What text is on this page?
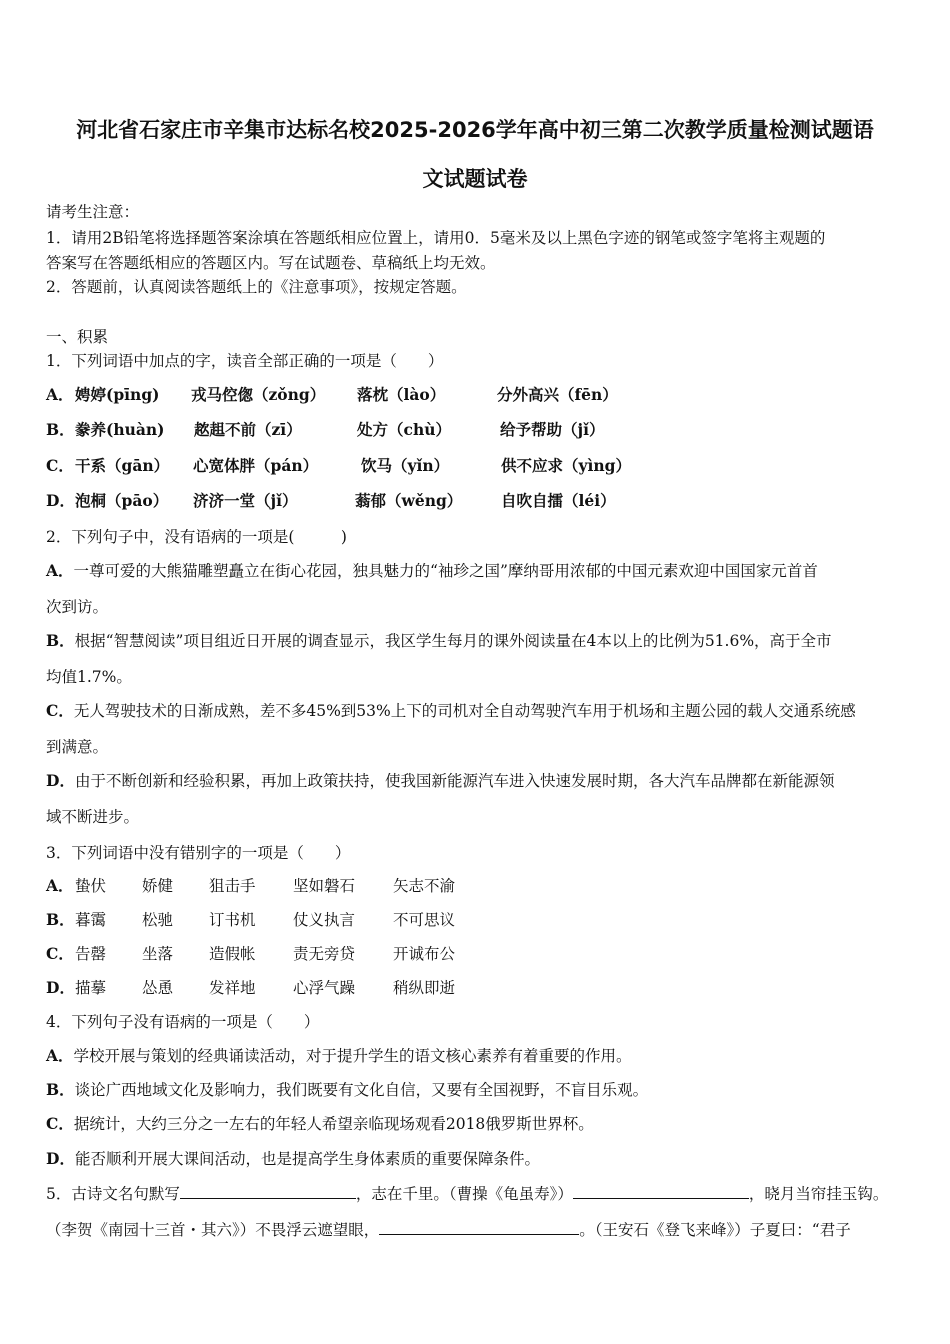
河北省石家庄市辛集市达标名校2025-2026学年高中初三第二次教学质量检测试题语
文试题试卷
请考生注意：
1．请用2B铅笔将选择题答案涂填在答题纸相应位置上，请用0．5毫米及以上黑色字迹的钢笔或签字笔将主观题的
答案写在答题纸相应的答题区内。写在试题卷、草稿纸上均无效。
2．答题前，认真阅读答题纸上的《注意事项》，按规定答题。
一、积累
1．下列词语中加点的字，读音全部正确的一项是（　　）
A． 娉婷(pīng) 戎马倥偬（zǒng） 落枕（lào）	分外高兴（fēn）
B． 豢养(huàn) 趑趄不前（zī）	处方（chù）	给予帮助（jǐ）
C． 干系（gān） 心宽体胖（pán）	饮马（yǐn）	供不应求（yìng）
D． 泡桐（pāo） 济济一堂（jǐ）	蓊郁（wěng） 自吹自擂（léi）
2．下列句子中，没有语病的一项是(　　　)
A．一尊可爱的大熊猫雕塑矗立在街心花园，独具魅力的“袖珍之国”摩纳哥用浓郁的中国元素欢迎中国国家元首首
次到访。
B．根据“智慧阅读”项目组近日开展的调查显示，我区学生每月的课外阅读量在4本以上的比例为51.6%，高于全市
均值1.7%。
C．无人驾驶技术的日渐成熟，差不多45%到53%上下的司机对全自动驾驶汽车用于机场和主题公园的载人交通系统感
到满意。
D．由于不断创新和经验积累，再加上政策扶持，使我国新能源汽车进入快速发展时期，各大汽车品牌都在新能源领
域不断进步。
3．下列词语中没有错别字的一项是（　　）
A． 蛰伏 娇健 狙击手 坚如磐石 矢志不渝
B． 暮霭 松驰 订书机 仗义执言 不可思议
C． 告罄 坐落 造假帐 责无旁贷 开诚布公
D． 描摹 怂恿 发祥地 心浮气躁 稍纵即逝
4．下列句子没有语病的一项是（　　）
A．学校开展与策划的经典诵读活动，对于提升学生的语文核心素养有着重要的作用。
B．谈论广西地域文化及影响力，我们既要有文化自信，又要有全国视野，不盲目乐观。
C．据统计，大约三分之一左右的年轻人希望亲临现场观看2018俄罗斯世界杯。
D．能否顺利开展大课间活动，也是提高学生身体素质的重要保障条件。
5．古诗文名句默写	，志在千里。（曹操《龟虽寿》）	，晓月当帘挂玉钩。
（李贺《南园十三首・其六》）不畏浮云遮望眼，	。（王安石《登飞来峰》）子夏曰：“君子
